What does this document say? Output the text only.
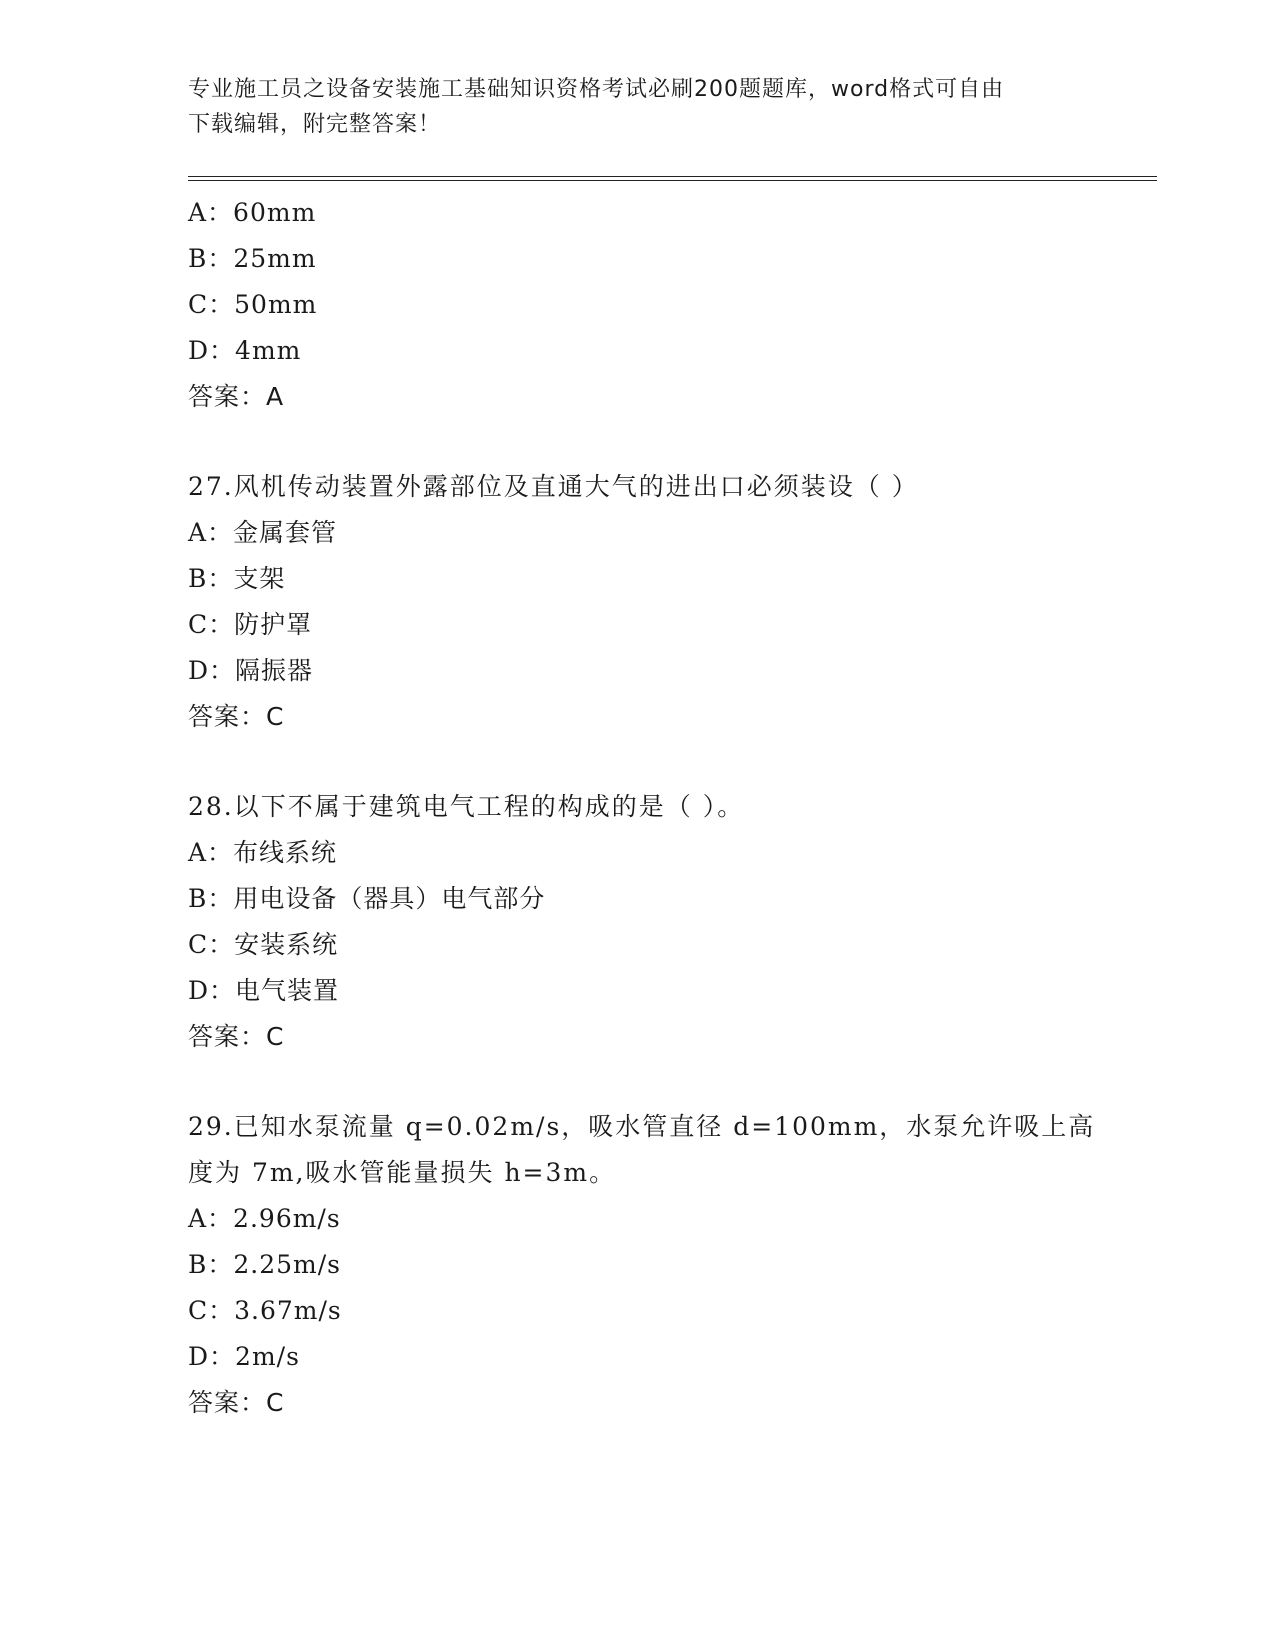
专业施工员之设备安装施工基础知识资格考试必刷200题题库，word格式可自由
下载编辑，附完整答案！
A：60mm
B：25mm
C：50mm
D：4mm
答案：A
27.风机传动装置外露部位及直通大气的进出口必须装设（ ）
A：金属套管
B：支架
C：防护罩
D：隔振器
答案：C
28.以下不属于建筑电气工程的构成的是（ ）。
A：布线系统
B：用电设备（器具）电气部分
C：安装系统
D：电气装置
答案：C
29.已知水泵流量 q=0.02m/s，吸水管直径 d=100mm，水泵允许吸上高
度为 7m,吸水管能量损失 h=3m。
A：2.96m/s
B：2.25m/s
C：3.67m/s
D：2m/s
答案：C
